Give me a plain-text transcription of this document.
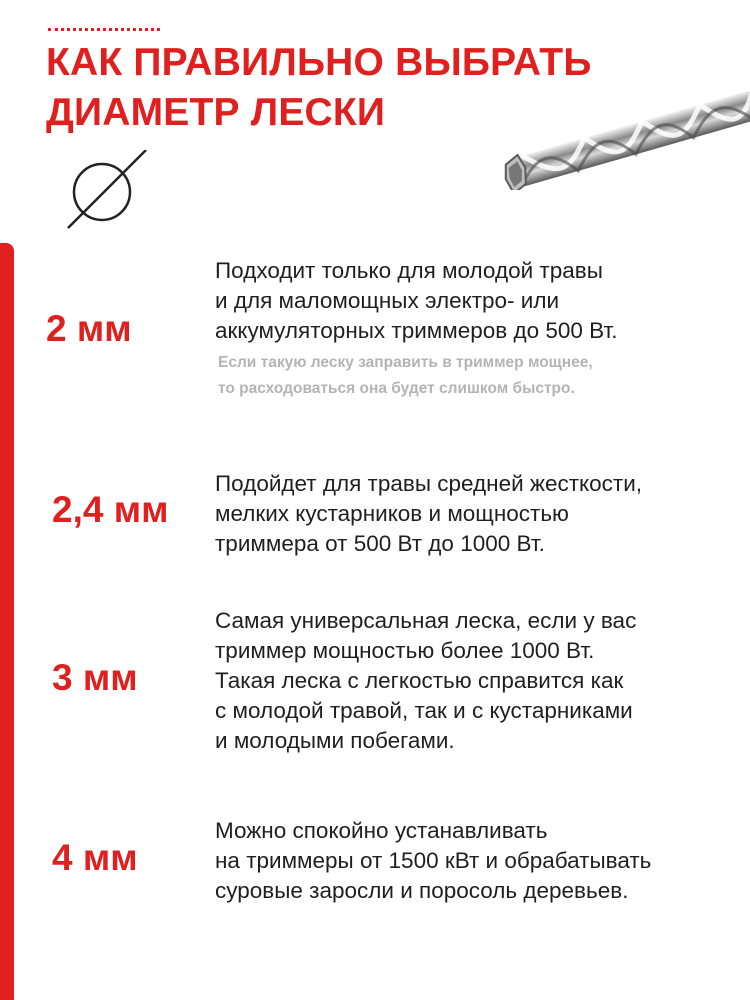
КАК ПРАВИЛЬНО ВЫБРАТЬ
ДИАМЕТР ЛЕСКИ
2 мм
Подходит только для молодой травы
и для маломощных электро- или
аккумуляторных триммеров до 500 Вт.
Если такую леску заправить в триммер мощнее,
то расходоваться она будет слишком быстро.
2,4 мм
Подойдет для травы средней жесткости,
мелких кустарников и мощностью
триммера от 500 Вт до 1000 Вт.
3 мм
Самая универсальная леска, если у вас
триммер мощностью более 1000 Вт.
Такая леска с легкостью справится как
с молодой травой, так и с кустарниками
и молодыми побегами.
4 мм
Можно спокойно устанавливать
на триммеры от 1500 кВт и обрабатывать
суровые заросли и поросоль деревьев.
